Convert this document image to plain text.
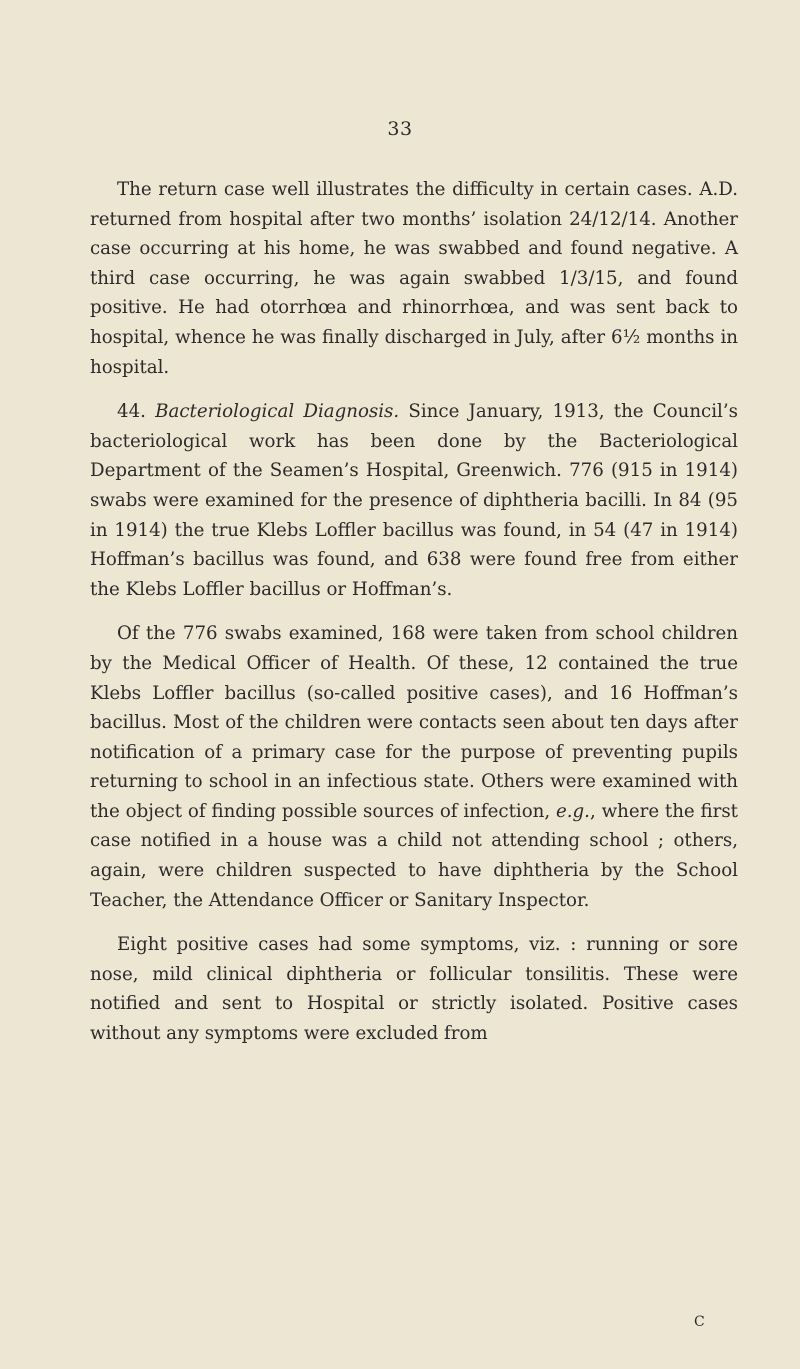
33

The return case well illustrates the difficulty in certain cases. A.D. returned from hospital after two months’ isolation 24/12/14. Another case occurring at his home, he was swabbed and found negative. A third case occurring, he was again swabbed 1/3/15, and found positive. He had otorrhœa and rhinorrhœa, and was sent back to hospital, whence he was finally discharged in July, after 6½ months in hospital.

44. Bacteriological Diagnosis. Since January, 1913, the Council’s bacteriological work has been done by the Bacteriological Department of the Seamen’s Hospital, Greenwich. 776 (915 in 1914) swabs were examined for the presence of diphtheria bacilli. In 84 (95 in 1914) the true Klebs Loffler bacillus was found, in 54 (47 in 1914) Hoffman’s bacillus was found, and 638 were found free from either the Klebs Loffler bacillus or Hoffman’s.

Of the 776 swabs examined, 168 were taken from school children by the Medical Officer of Health. Of these, 12 contained the true Klebs Loffler bacillus (so-called positive cases), and 16 Hoffman’s bacillus. Most of the children were contacts seen about ten days after notification of a primary case for the purpose of preventing pupils returning to school in an infectious state. Others were examined with the object of finding possible sources of infection, e.g., where the first case notified in a house was a child not attending school ; others, again, were children suspected to have diphtheria by the School Teacher, the Attendance Officer or Sanitary Inspector.

Eight positive cases had some symptoms, viz. : running or sore nose, mild clinical diphtheria or follicular tonsilitis. These were notified and sent to Hospital or strictly isolated. Positive cases without any symptoms were excluded from

C
